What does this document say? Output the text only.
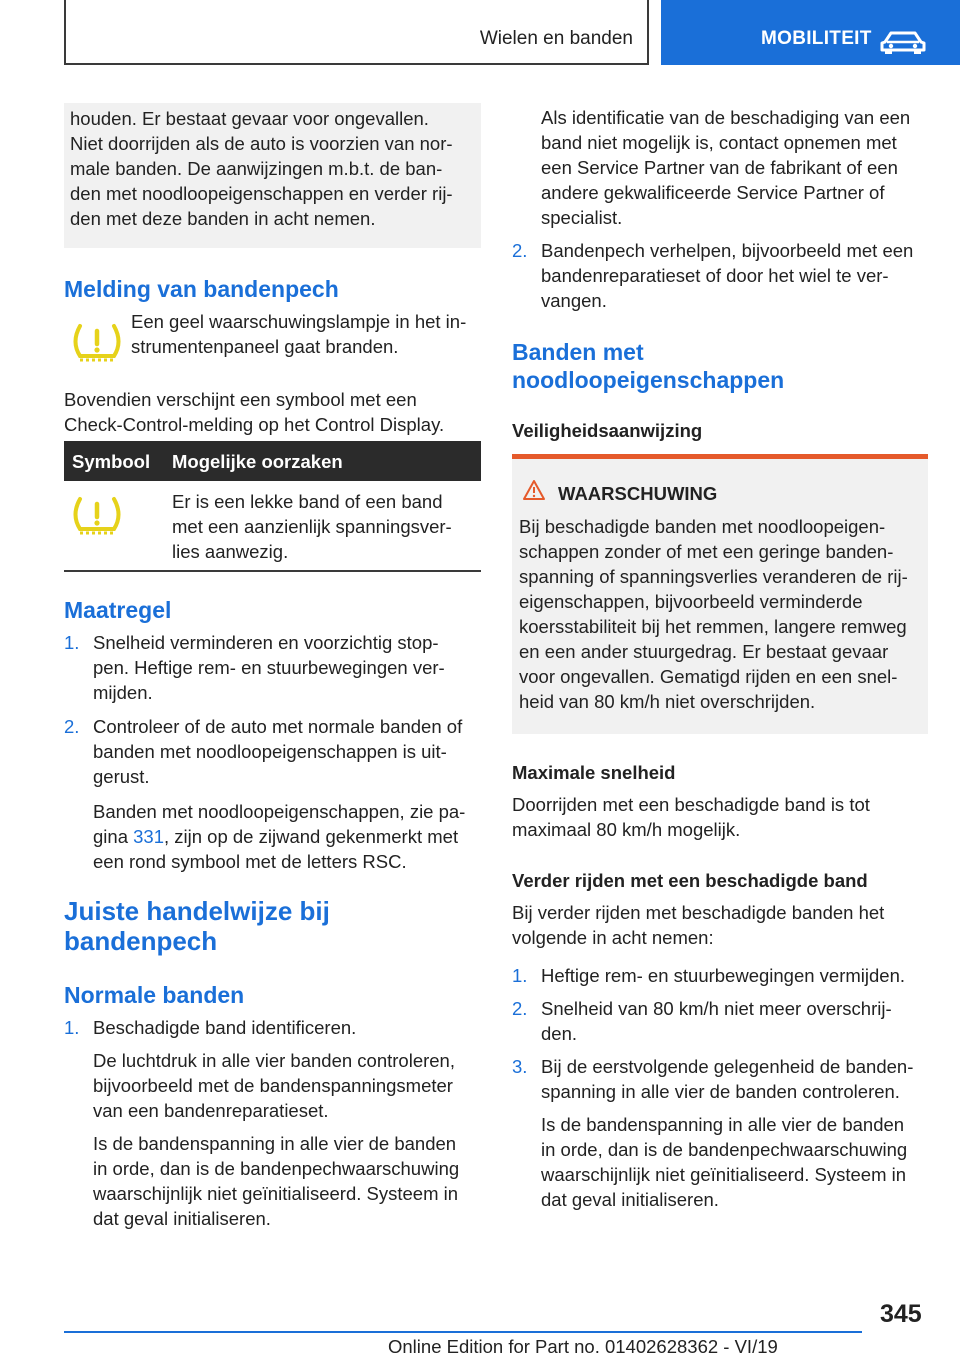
Wielen en banden	MOBILITEIT

houden. Er bestaat gevaar voor ongevallen.

Niet doorrijden als de auto is voorzien van nor-

male banden. De aanwijzingen m.b.t. de ban-

den met noodloopeigenschappen en verder rij-

den met deze banden in acht nemen.

Melding van bandenpech

Een geel waarschuwingslampje in het in-

strumentenpaneel gaat branden.

Bovendien verschijnt een symbool met een

Check-Control-melding op het Control Display.

Symbool Mogelijke oorzaken

Er is een lekke band of een band

met een aanzienlijk spanningsver-

lies aanwezig.

Maatregel
1. Snelheid verminderen en voorzichtig stop-

pen. Heftige rem- en stuurbewegingen ver-

mijden.

2. Controleer of de auto met normale banden of

banden met noodloopeigenschappen is uit-

gerust.

Banden met noodloopeigenschappen, zie pa-

gina 331, zijn op de zijwand gekenmerkt met

een rond symbool met de letters RSC.

Juiste handelwijze bij

bandenpech

Normale banden
1. Beschadigde band identificeren.

De luchtdruk in alle vier banden controleren,

bijvoorbeeld met de bandenspanningsmeter

van een bandenreparatieset.

Is de bandenspanning in alle vier de banden

in orde, dan is de bandenpechwaarschuwing

waarschijnlijk niet geïnitialiseerd. Systeem in

dat geval initialiseren.

Als identificatie van de beschadiging van een

band niet mogelijk is, contact opnemen met

een Service Partner van de fabrikant of een

andere gekwalificeerde Service Partner of

specialist.

2. Bandenpech verhelpen, bijvoorbeeld met een

bandenreparatieset of door het wiel te ver-

vangen.

Banden met

noodloopeigenschappen

Veiligheidsaanwijzing
WAARSCHUWING

Bij beschadigde banden met noodloopeigen-

schappen zonder of met een geringe banden-

spanning of spanningsverlies veranderen de rij-

eigenschappen, bijvoorbeeld verminderde

koersstabiliteit bij het remmen, langere remweg

en een ander stuurgedrag. Er bestaat gevaar

voor ongevallen. Gematigd rijden en een snel-

heid van 80 km/h niet overschrijden.

Maximale snelheid

Doorrijden met een beschadigde band is tot

maximaal 80 km/h mogelijk.

Verder rijden met een beschadigde band

Bij verder rijden met beschadigde banden het

volgende in acht nemen:

1. Heftige rem- en stuurbewegingen vermijden.

2. Snelheid van 80 km/h niet meer overschrij-

den.

3. Bij de eerstvolgende gelegenheid de banden-

spanning in alle vier de banden controleren.

Is de bandenspanning in alle vier de banden

in orde, dan is de bandenpechwaarschuwing

waarschijnlijk niet geïnitialiseerd. Systeem in

dat geval initialiseren.

345
Online Edition for Part no. 01402628362 - VI/19
